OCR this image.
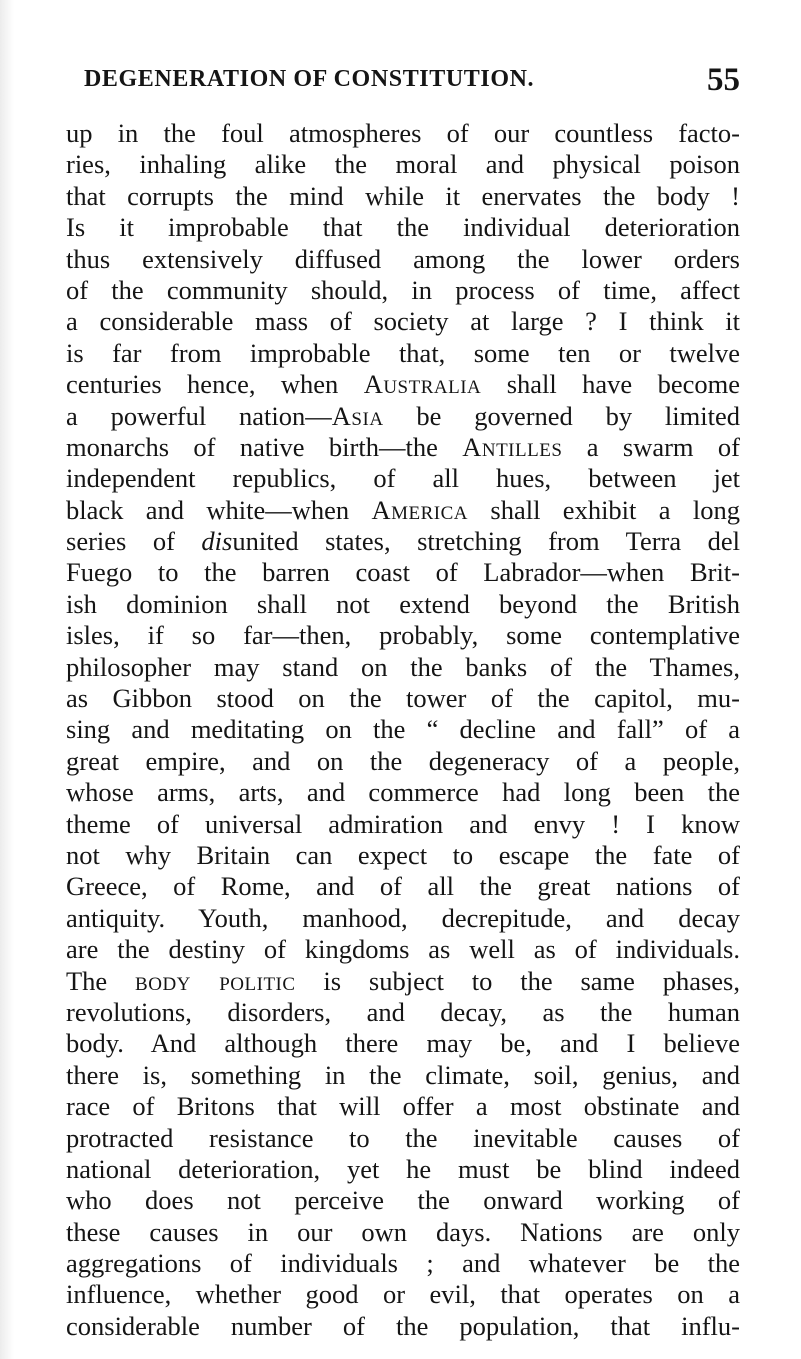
DEGENERATION OF CONSTITUTION.	55
up in the foul atmospheres of our countless facto-
ries, inhaling alike the moral and physical poison
that corrupts the mind while it enervates the body !
Is it improbable that the individual deterioration
thus extensively diffused among the lower orders
of the community should, in process of time, affect
a considerable mass of society at large ? I think it
is far from improbable that, some ten or twelve
centuries hence, when Australia shall have become
a powerful nation—Asia be governed by limited
monarchs of native birth—the Antilles a swarm of
independent republics, of all hues, between jet
black and white—when America shall exhibit a long
series of disunited states, stretching from Terra del
Fuego to the barren coast of Labrador—when Brit-
ish dominion shall not extend beyond the British
isles, if so far—then, probably, some contemplative
philosopher may stand on the banks of the Thames,
as Gibbon stood on the tower of the capitol, mu-
sing and meditating on the “ decline and fall” of a
great empire, and on the degeneracy of a people,
whose arms, arts, and commerce had long been the
theme of universal admiration and envy ! I know
not why Britain can expect to escape the fate of
Greece, of Rome, and of all the great nations of
antiquity. Youth, manhood, decrepitude, and decay
are the destiny of kingdoms as well as of individuals.
The body politic is subject to the same phases,
revolutions, disorders, and decay, as the human
body. And although there may be, and I believe
there is, something in the climate, soil, genius, and
race of Britons that will offer a most obstinate and
protracted resistance to the inevitable causes of
national deterioration, yet he must be blind indeed
who does not perceive the onward working of
these causes in our own days. Nations are only
aggregations of individuals ; and whatever be the
influence, whether good or evil, that operates on a
considerable number of the population, that influ-
